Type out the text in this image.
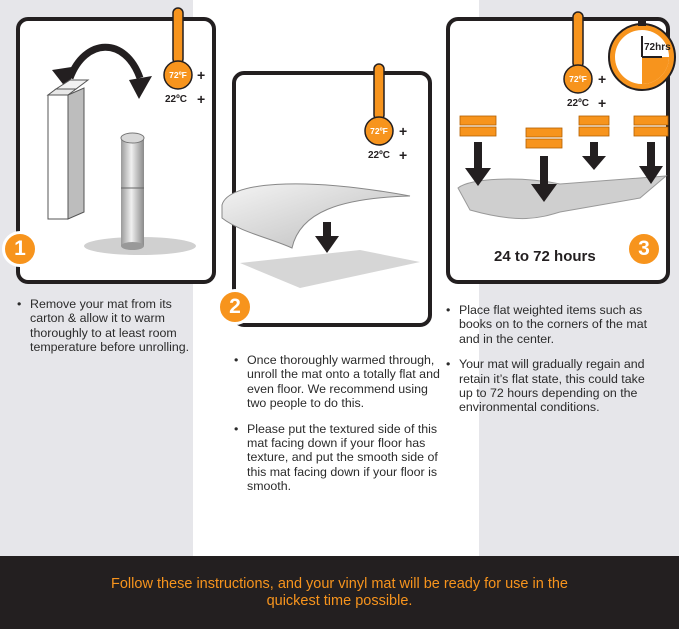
72ºF +
22ºC +
72ºF +
22ºC +
72ºF +
22ºC +
72hrs
24 to 72 hours
1
2
3
• Remove your mat from its carton & allow it to warm thoroughly to at least room temperature before unrolling.
• Once thoroughly warmed through, unroll the mat onto a totally flat and even floor. We recommend using two people to do this.
• Please put the textured side of this mat facing down if your floor has texture, and put the smooth side of this mat facing down if your floor is smooth.
• Place flat weighted items such as books on to the corners of the mat and in the center.
• Your mat will gradually regain and retain it’s flat state, this could take up to 72 hours depending on the environmental conditions.

Follow these instructions, and your vinyl mat will be ready for use in the quickest time possible.
